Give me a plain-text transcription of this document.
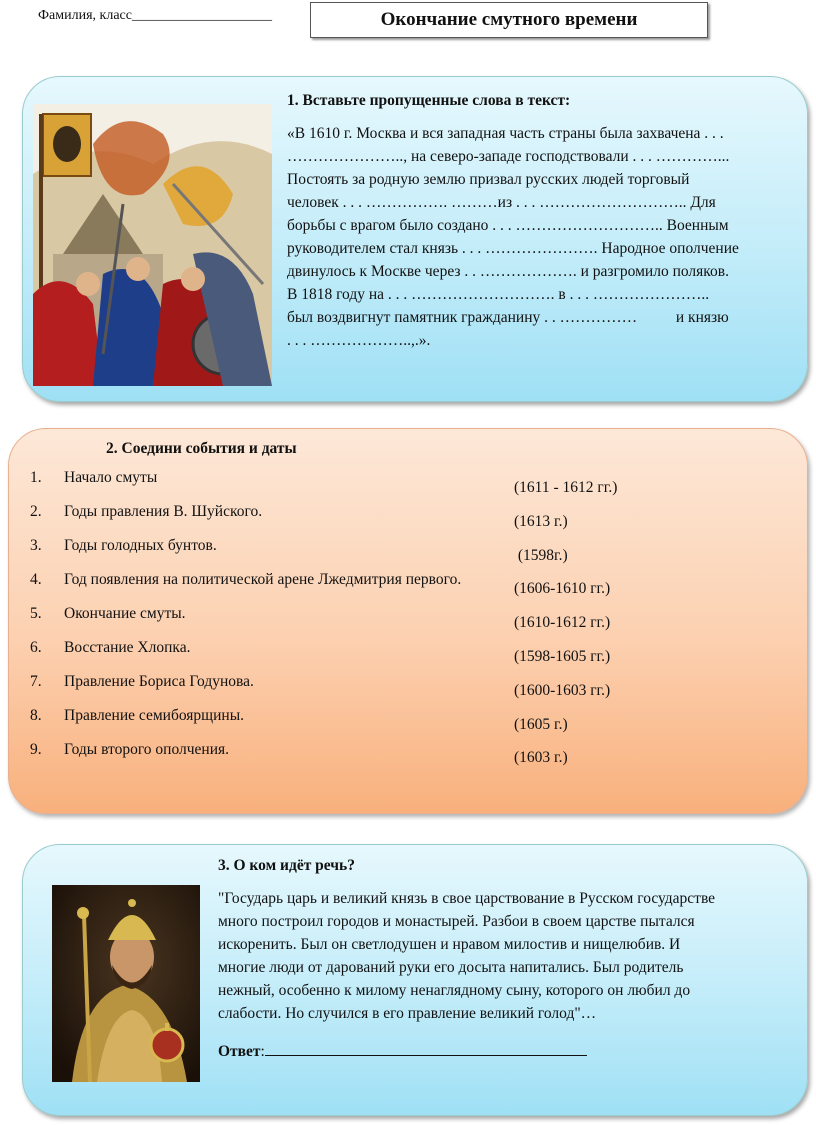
Фамилия, класс____________________	Окончание смутного времени
1. Вставьте пропущенные слова в текст:
«В 1610 г. Москва и вся западная часть страны была захвачена . . .
………………….., на северо-западе господствовали . . . …………...
Постоять за родную землю призвал русских людей торговый
человек . . . ……………. ………из . . . ……………………….. Для
борьбы с врагом было создано . . . ……………………….. Военным
руководителем стал князь . . . …………………. Народное ополчение
двинулось к Москве через . . ………………. и разгромило поляков.
В 1818 году на . . . ………………………. в . . . …………………..
был воздвигнут памятник гражданину . . ……………          и князю
. . . ………………..,.».
2. Соедини события и даты
1. Начало смуты
2. Годы правления В. Шуйского.
3. Годы голодных бунтов.
4. Год появления на политической арене Лжедмитрия первого.
5. Окончание смуты.
6. Восстание Хлопка.
7. Правление Бориса Годунова.
8. Правление семибоярщины.
9. Годы второго ополчения.
(1611 - 1612 гг.)
(1613 г.)
(1598г.)
(1606-1610 гг.)
(1610-1612 гг.)
(1598-1605 гг.)
(1600-1603 гг.)
(1605 г.)
(1603 г.)
3. О ком идёт речь?
"Государь царь и великий князь в свое царствование в Русском государстве
много построил городов и монастырей. Разбои в своем царстве пытался
искоренить. Был он светлодушен и нравом милостив и нищелюбив. И
многие люди от дарований руки его досыта напитались. Был родитель
нежный, особенно к милому ненаглядному сыну, которого он любил до
слабости. Но случился в его правление великий голод"…
Ответ:
